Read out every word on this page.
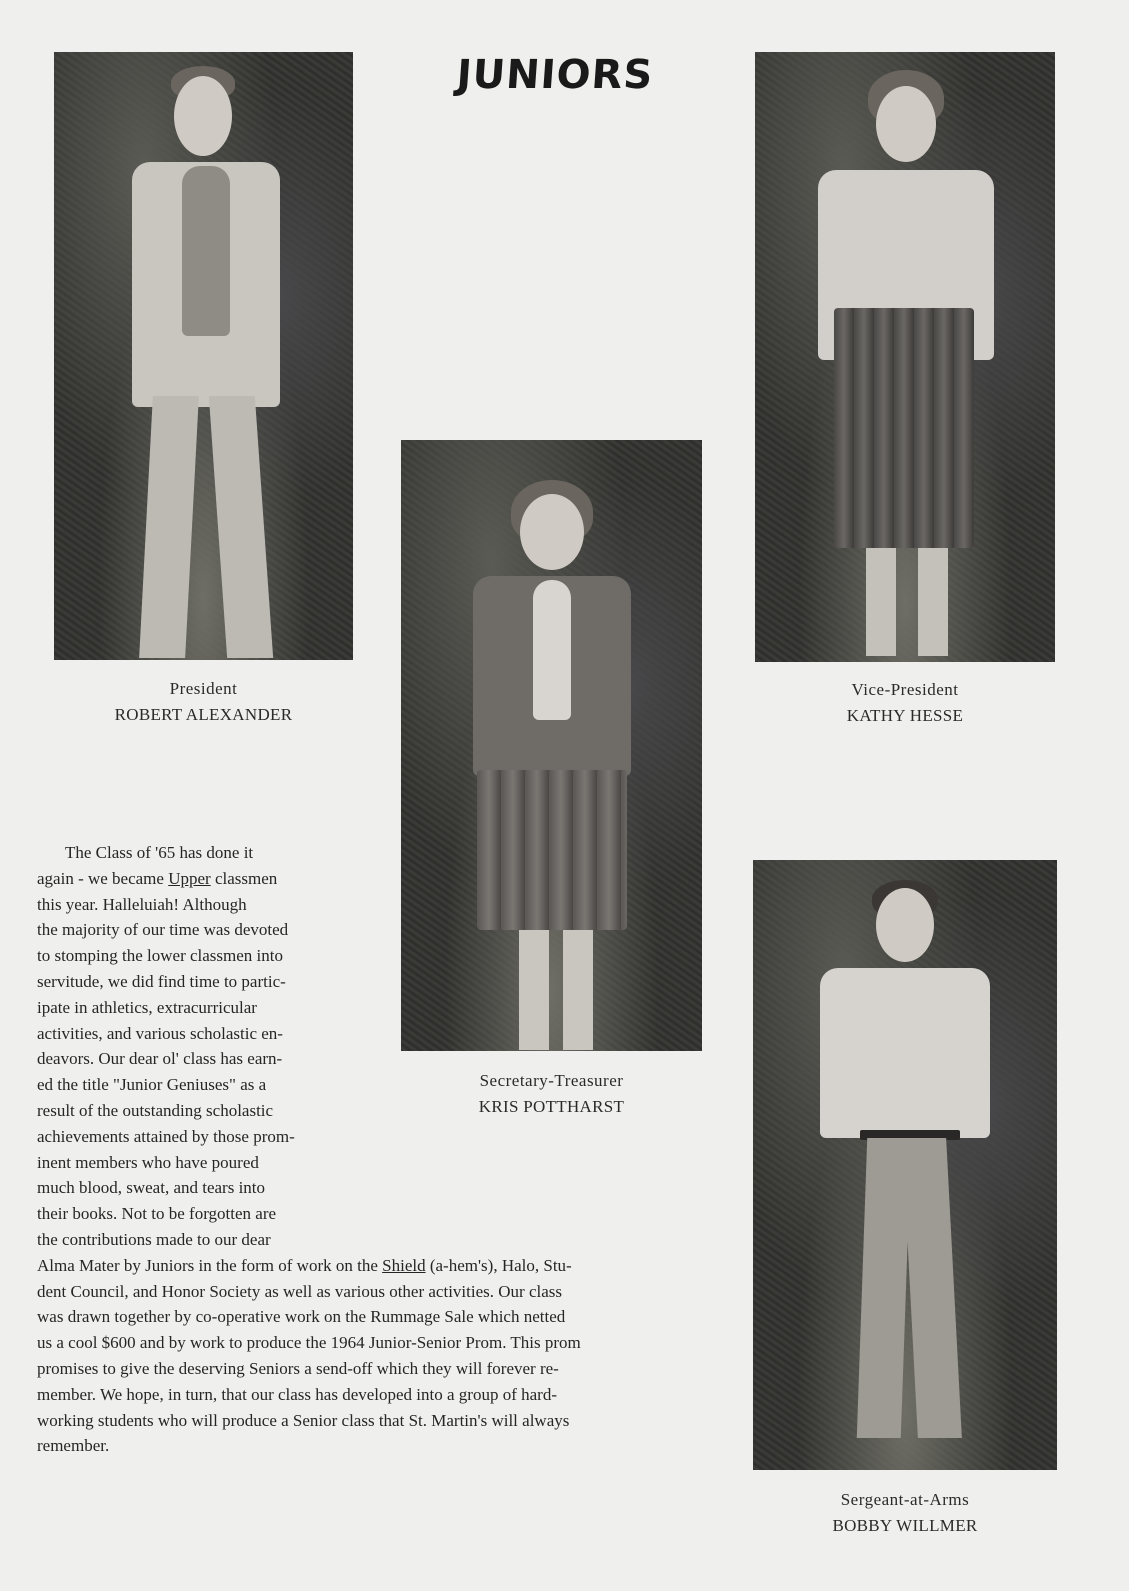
JUNIORS
President
ROBERT ALEXANDER
Vice-President
KATHY HESSE
Secretary-Treasurer
KRIS POTTHARST
Sergeant-at-Arms
BOBBY WILLMER
The Class of '65 has done it
again - we became Upper classmen
this year. Halleluiah! Although
the majority of our time was devoted
to stomping the lower classmen into
servitude, we did find time to partic-
ipate in athletics, extracurricular
activities, and various scholastic en-
deavors. Our dear ol' class has earn-
ed the title "Junior Geniuses" as a
result of the outstanding scholastic
achievements attained by those prom-
inent members who have poured
much blood, sweat, and tears into
their books. Not to be forgotten are
the contributions made to our dear
Alma Mater by Juniors in the form of work on the Shield (a-hem's), Halo, Stu-
dent Council, and Honor Society as well as various other activities. Our class
was drawn together by co-operative work on the Rummage Sale which netted
us a cool $600 and by work to produce the 1964 Junior-Senior Prom. This prom
promises to give the deserving Seniors a send-off which they will forever re-
member. We hope, in turn, that our class has developed into a group of hard-
working students who will produce a Senior class that St. Martin's will always
remember.
